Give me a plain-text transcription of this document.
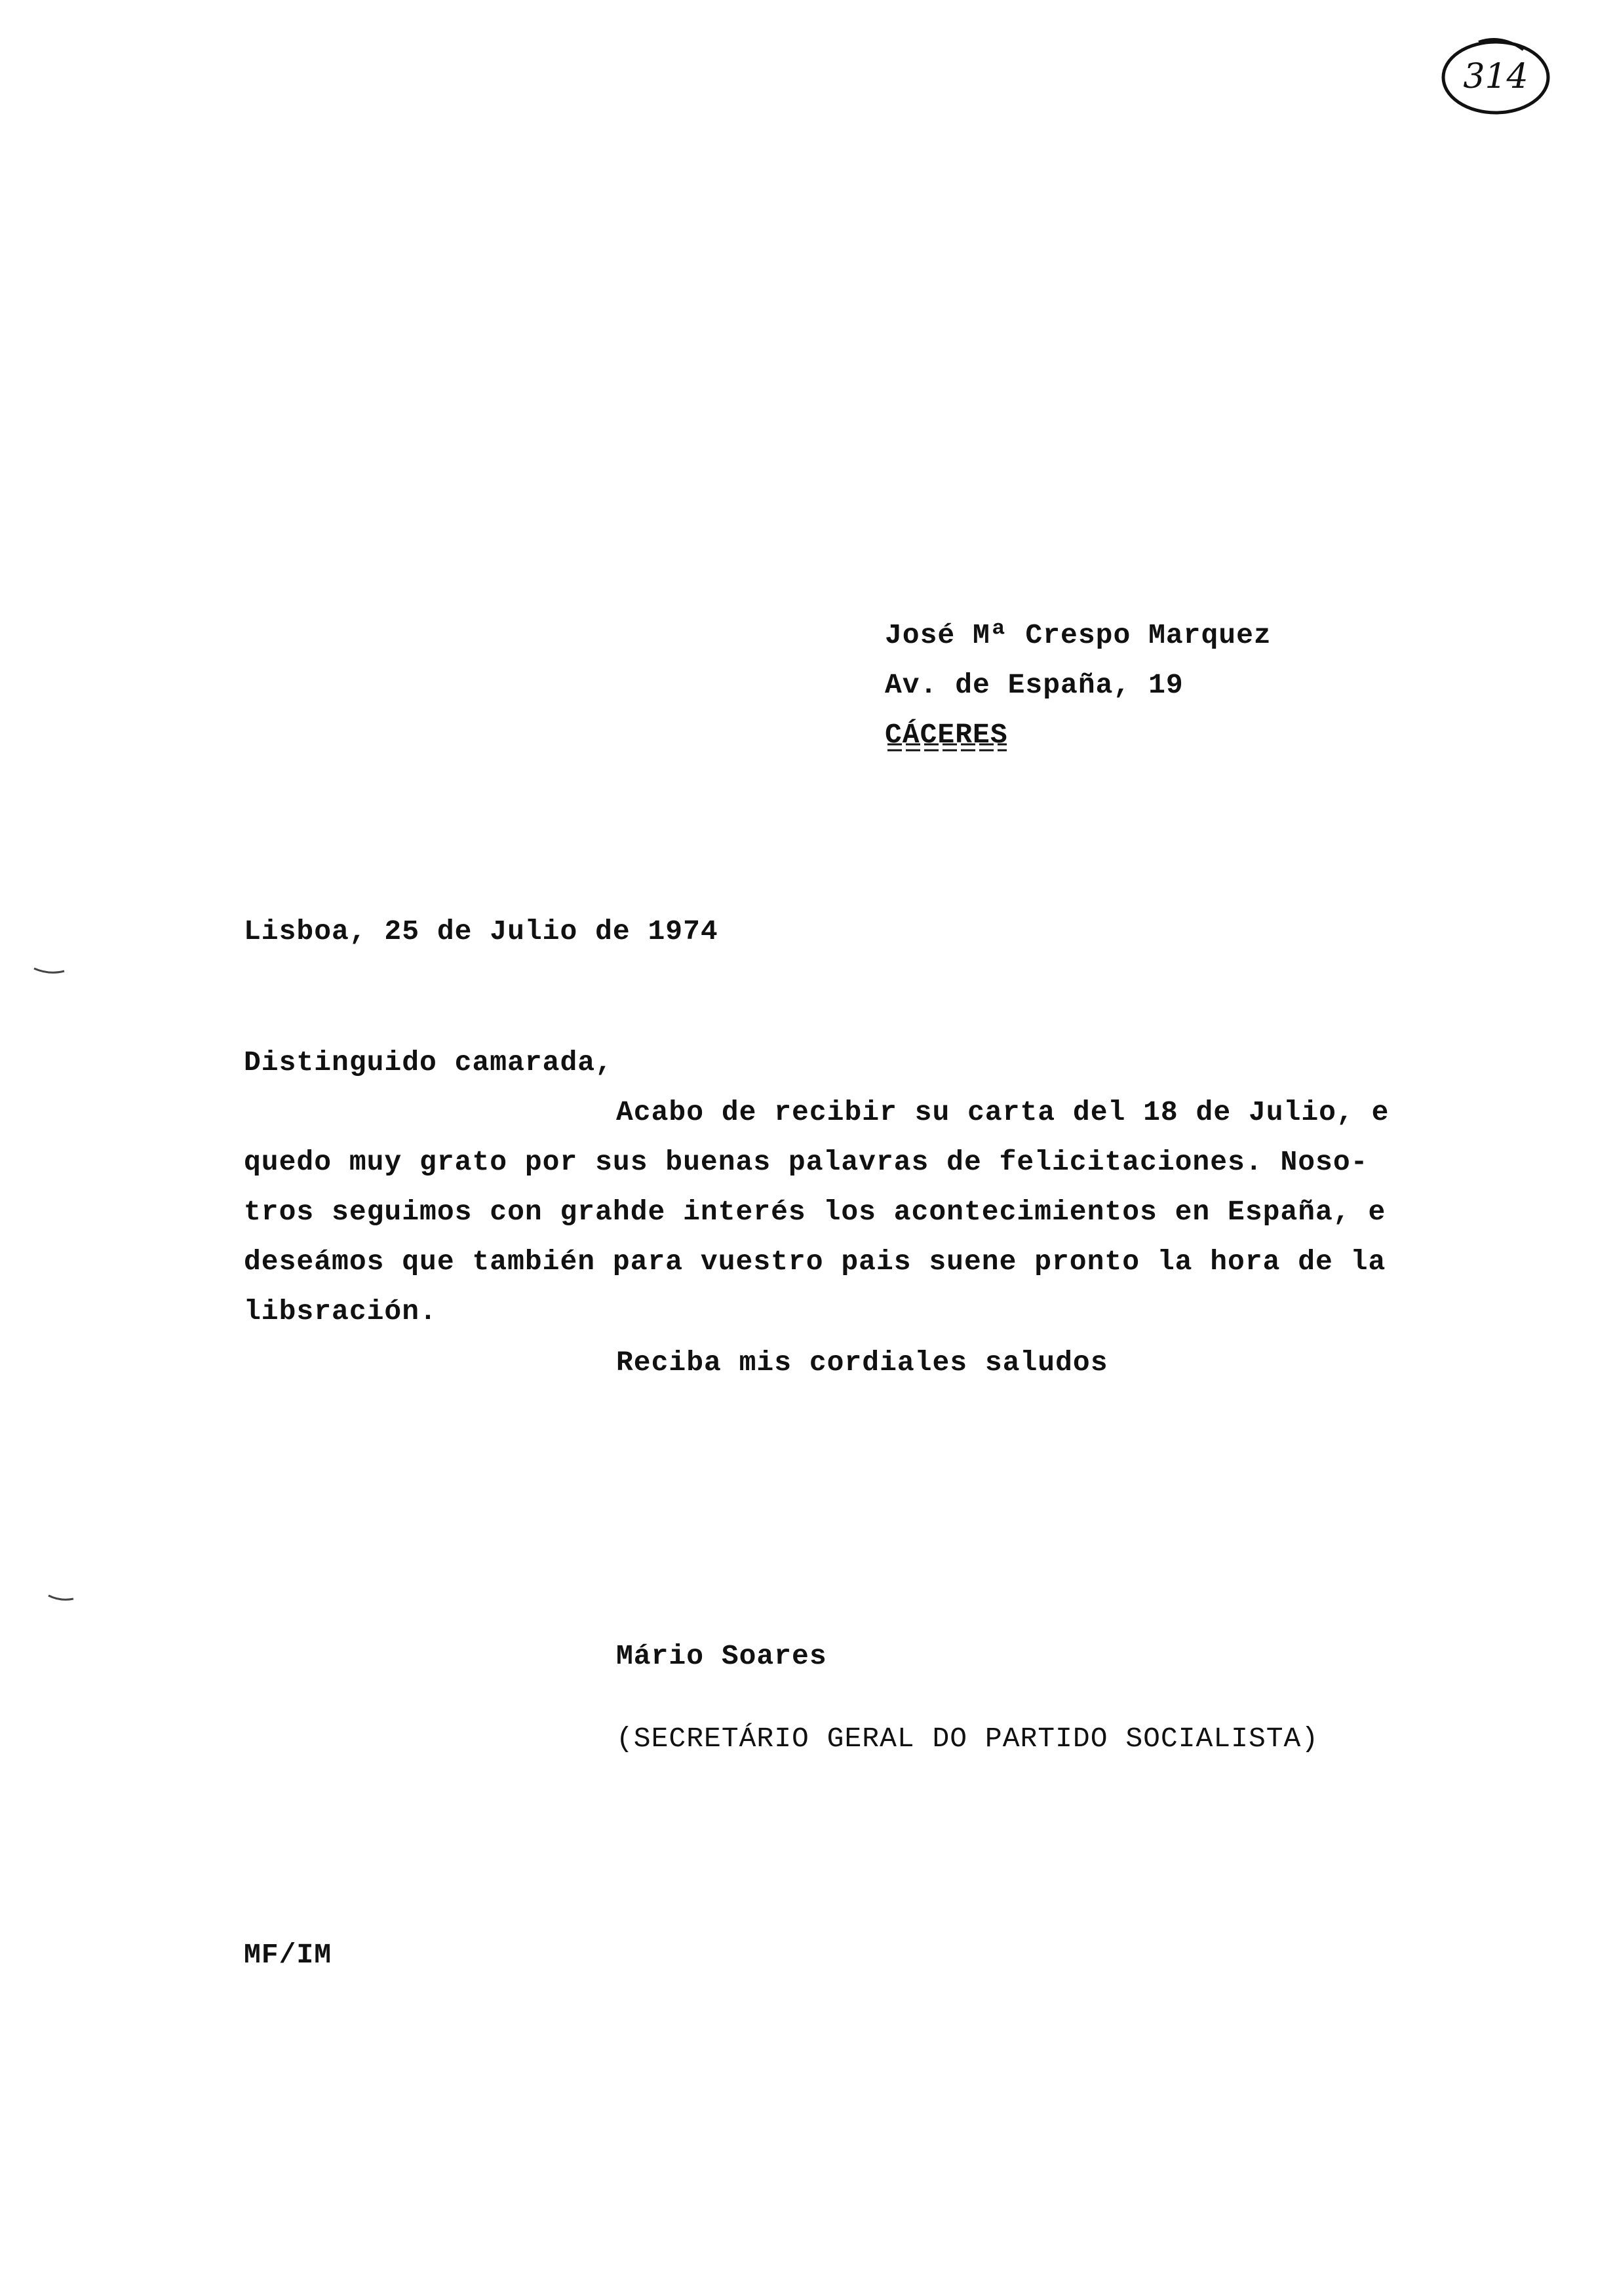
314
José Mª Crespo Marquez
Av. de España, 19
CÁCERES
Lisboa, 25 de Julio de 1974
Distinguido camarada,
Acabo de recibir su carta del 18 de Julio, e
quedo muy grato por sus buenas palavras de felicitaciones. Noso-
tros seguimos con grahde interés los acontecimientos en España, e
deseámos que también para vuestro pais suene pronto la hora de la
libsración.
Reciba mis cordiales saludos
Mário Soares
(SECRETÁRIO GERAL DO PARTIDO SOCIALISTA)
MF/IM
